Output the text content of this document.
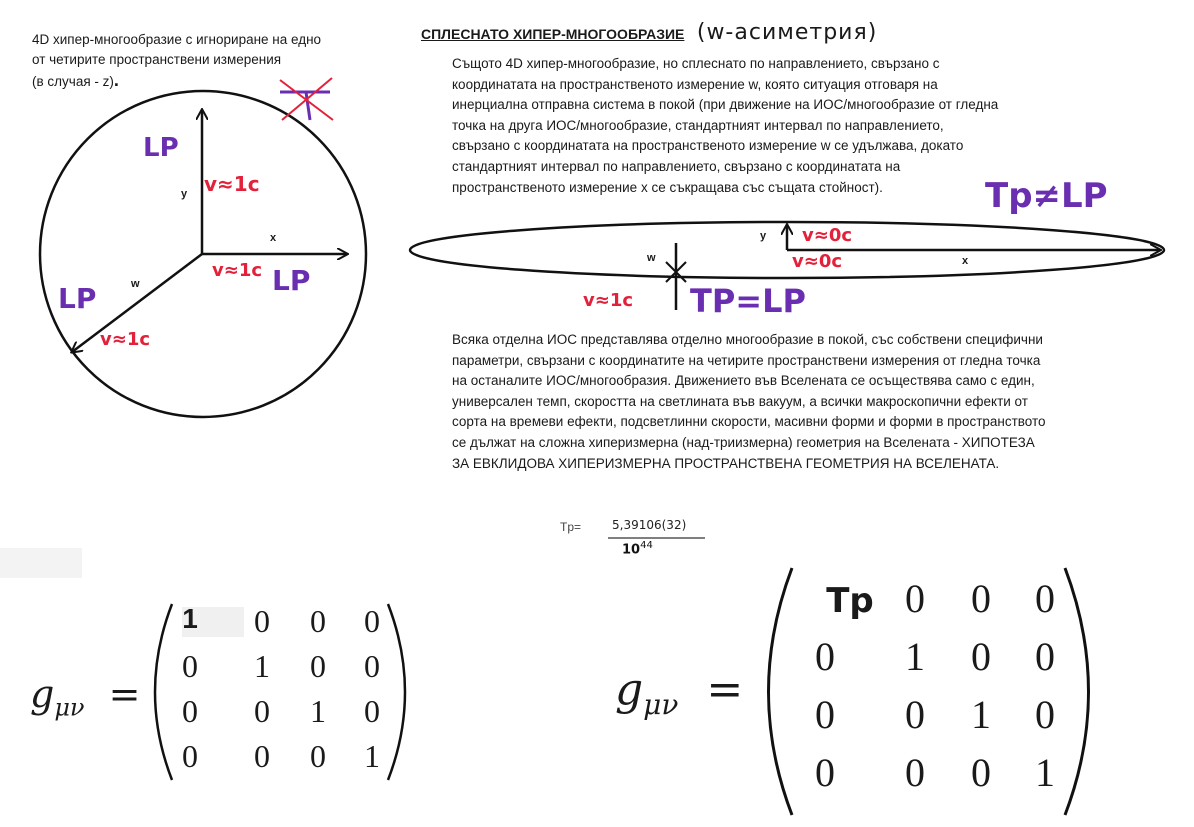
4D хипер-многообразие с игнориране на едно
от четирите пространствени измерения
(в случая - z).
СПЛЕСНАТО ХИПЕР-МНОГООБРАЗИЕ (w-асиметрия)
Същото 4D хипер-многообразие, но сплеснато по направлението, свързано с
координатата на пространственото измерение w, която ситуация отговаря на
инерциална отправна система в покой (при движение на ИОС/многообразие от гледна
точка на друга ИОС/многообразие, стандартният интервал по направлението,
свързано с координатата на пространственото измерение w се удължава, докато
стандартният интервал по направлението, свързано с координатата на
пространственото измерение x се съкращава със същата стойност).
y
x
w
LP
LP
LP
v≈1c
v≈1c
v≈1c
Tp≠LP
y
x
w
v≈0c
v≈0c
v≈1c TP=LP
Всяка отделна ИОС представлява отделно многообразие в покой, със собствени специфични
параметри, свързани с координатите на четирите пространствени измерения от гледна точка
на останалите ИОС/многообразия. Движението във Вселената се осъществява само с един,
универсален темп, скоростта на светлината във вакуум, а всички макроскопични ефекти от
сорта на времеви ефекти, подсветлинни скорости, масивни форми и форми в пространството
се дължат на сложна хиперизмерна (над-триизмерна) геометрия на Вселената - ХИПОТЕЗА
ЗА ЕВКЛИДОВА ХИПЕРИЗМЕРНА ПРОСТРАНСТВЕНА ГЕОМЕТРИЯ НА ВСЕЛЕНАТА.
Tp=	5,39106(32)
$10^{44}$
$g_{\mu\nu}$ =
1	0	0	0
0	1	0	0
0	0	1	0
0	0	0	1
$g_{\mu\nu}$ =
Tp 0	0	0
0	1	0	0
0	0	1	0
0	0	0	1
